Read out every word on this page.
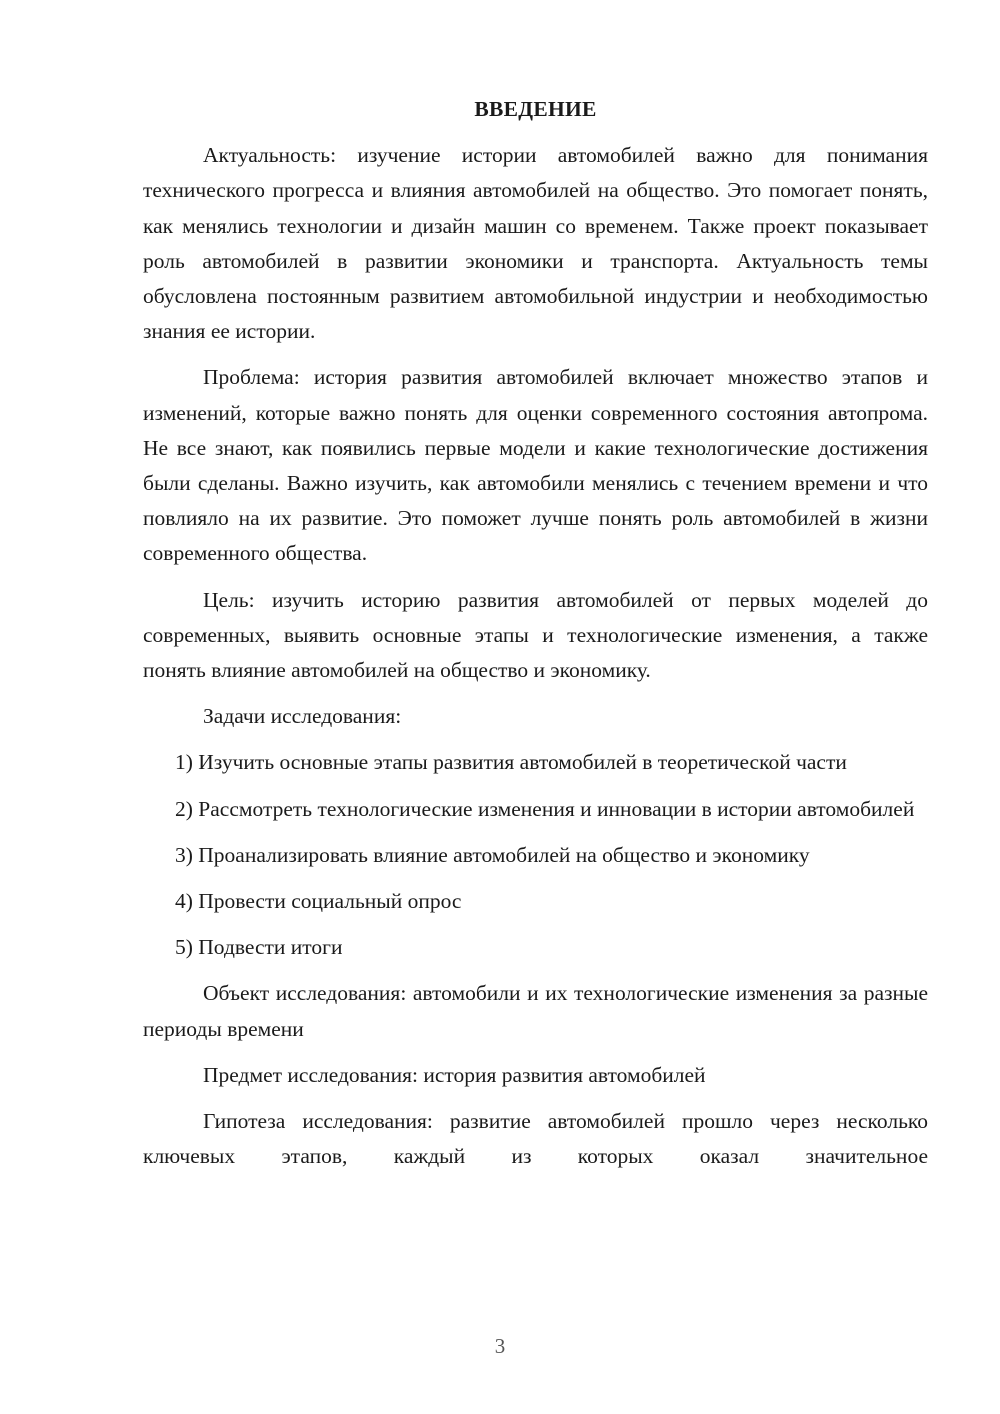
ВВЕДЕНИЕ

Актуальность: изучение истории автомобилей важно для понимания технического прогресса и влияния автомобилей на общество. Это помогает понять, как менялись технологии и дизайн машин со временем. Также проект показывает роль автомобилей в развитии экономики и транспорта. Актуальность темы обусловлена постоянным развитием автомобильной индустрии и необходимостью знания ее истории.

Проблема: история развития автомобилей включает множество этапов и изменений, которые важно понять для оценки современного состояния автопрома. Не все знают, как появились первые модели и какие технологические достижения были сделаны. Важно изучить, как автомобили менялись с течением времени и что повлияло на их развитие. Это поможет лучше понять роль автомобилей в жизни современного общества.

Цель: изучить историю развития автомобилей от первых моделей до современных, выявить основные этапы и технологические изменения, а также понять влияние автомобилей на общество и экономику.

Задачи исследования:

1) Изучить основные этапы развития автомобилей в теоретической части

2) Рассмотреть технологические изменения и инновации в истории автомобилей

3) Проанализировать влияние автомобилей на общество и экономику

4) Провести социальный опрос

5) Подвести итоги

Объект исследования: автомобили и их технологические изменения за разные периоды времени

Предмет исследования: история развития автомобилей

Гипотеза исследования: развитие автомобилей прошло через несколько ключевых этапов, каждый из которых оказал значительное

3
